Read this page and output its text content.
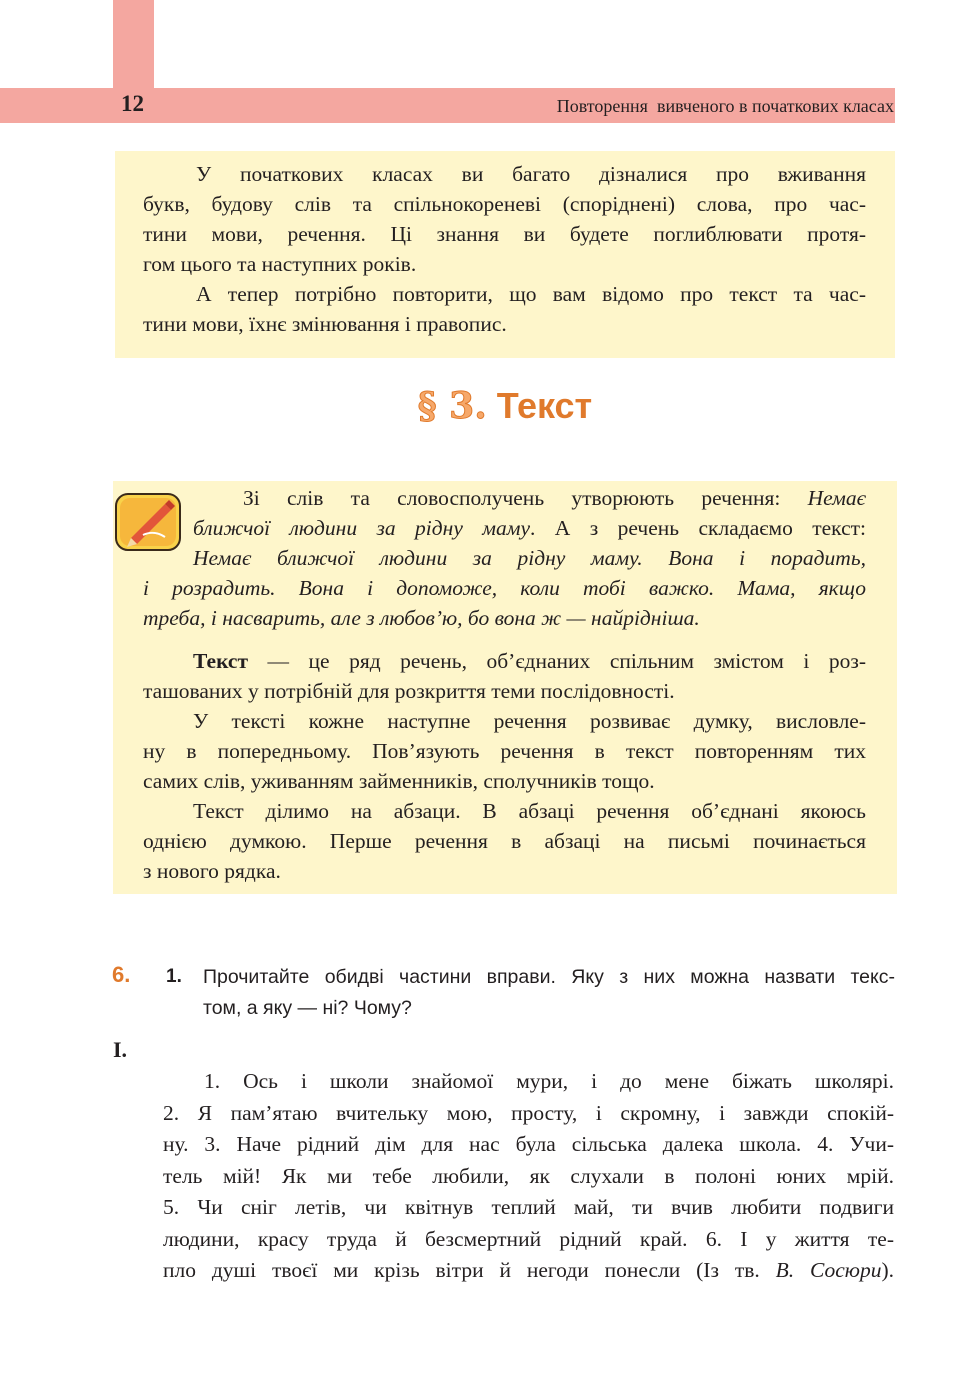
12	Повторення  вивченого в початкових класах
У початкових класах ви багато дізналися про вживання
букв, будову слів та спільнокореневі (споріднені) слова, про час-
тини мови, речення. Ці знання ви будете поглиблювати протя-
гом цього та наступних років.
А тепер потрібно повторити, що вам відомо про текст та час-
тини мови, їхнє змінювання і правопис.
§ 3. Текст
Зі слів та словосполучень утворюють речення: Немає
ближчої людини за рідну маму. А з речень складаємо текст:
Немає ближчої людини за рідну маму. Вона і порадить,
і розрадить. Вона і допоможе, коли тобі важко. Мама, якщо
треба, і насварить, але з любов’ю, бо вона ж — найрідніша.
Текст — це ряд речень, об’єднаних спільним змістом і роз-
ташованих у потрібній для розкриття теми послідовності.
У тексті кожне наступне речення розвиває думку, висловле-
ну в попередньому. Пов’язують речення в текст повторенням тих
самих слів, уживанням займенників, сполучників тощо.
Текст ділимо на абзаци. В абзаці речення об’єднані якоюсь
однією думкою. Перше речення в абзаці на письмі починається
з нового рядка.
6. 1. Прочитайте обидві частини вправи. Яку з них можна назвати текс-
том, а яку — ні? Чому?
I.
1. Ось і школи знайомої мури, і до мене біжать школярі.
2. Я пам’ятаю вчительку мою, просту, і скромну, і завжди спокій-
ну. 3. Наче рідний дім для нас була сільська далека школа. 4. Учи-
тель мій! Як ми тебе любили, як слухали в полоні юних мрій.
5. Чи сніг летів, чи квітнув теплий май, ти вчив любити подвиги
людини, красу труда й безсмертний рідний край. 6. І у життя те-
пло душі твоєї ми крізь вітри й негоди понесли (Із тв. В. Сосюри).
